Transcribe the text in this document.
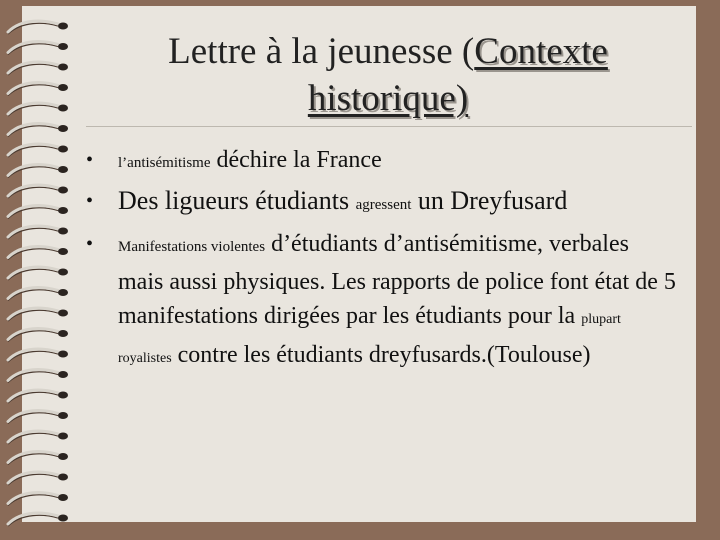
Lettre à la jeunesse (Contexte
historique)
• l’antisémitisme déchire la France
• Des ligueurs étudiants agressent un Dreyfusard
• Manifestations violentes d’étudiants d’antisémitisme, verbales mais aussi physiques. Les rapports de police font état de 5 manifestations dirigées par les étudiants pour la plupart royalistes contre les étudiants dreyfusards.(Toulouse)
